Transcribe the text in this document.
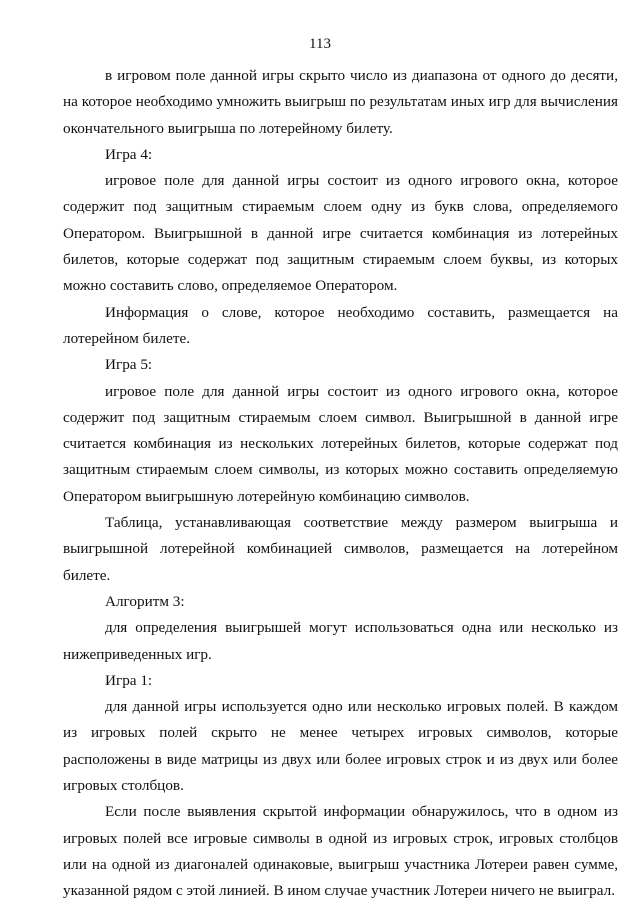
113

в игровом поле данной игры скрыто число из диапазона от одного до десяти, на которое необходимо умножить выигрыш по результатам иных игр для вычисления окончательного выигрыша по лотерейному билету.

Игра 4:

игровое поле для данной игры состоит из одного игрового окна, которое содержит под защитным стираемым слоем одну из букв слова, определяемого Оператором. Выигрышной в данной игре считается комбинация из лотерейных билетов, которые содержат под защитным стираемым слоем буквы, из которых можно составить слово, определяемое Оператором.

Информация о слове, которое необходимо составить, размещается на лотерейном билете.

Игра 5:

игровое поле для данной игры состоит из одного игрового окна, которое содержит под защитным стираемым слоем символ. Выигрышной в данной игре считается комбинация из нескольких лотерейных билетов, которые содержат под защитным стираемым слоем символы, из которых можно составить определяемую Оператором выигрышную лотерейную комбинацию символов.

Таблица, устанавливающая соответствие между размером выигрыша и выигрышной лотерейной комбинацией символов, размещается на лотерейном билете.

Алгоритм 3:

для определения выигрышей могут использоваться одна или несколько из нижеприведенных игр.

Игра 1:

для данной игры используется одно или несколько игровых полей. В каждом из игровых полей скрыто не менее четырех игровых символов, которые расположены в виде матрицы из двух или более игровых строк и из двух или более игровых столбцов.

Если после выявления скрытой информации обнаружилось, что в одном из игровых полей все игровые символы в одной из игровых строк, игровых столбцов или на одной из диагоналей одинаковые, выигрыш участника Лотереи равен сумме, указанной рядом с этой линией. В ином случае участник Лотереи ничего не выиграл.
